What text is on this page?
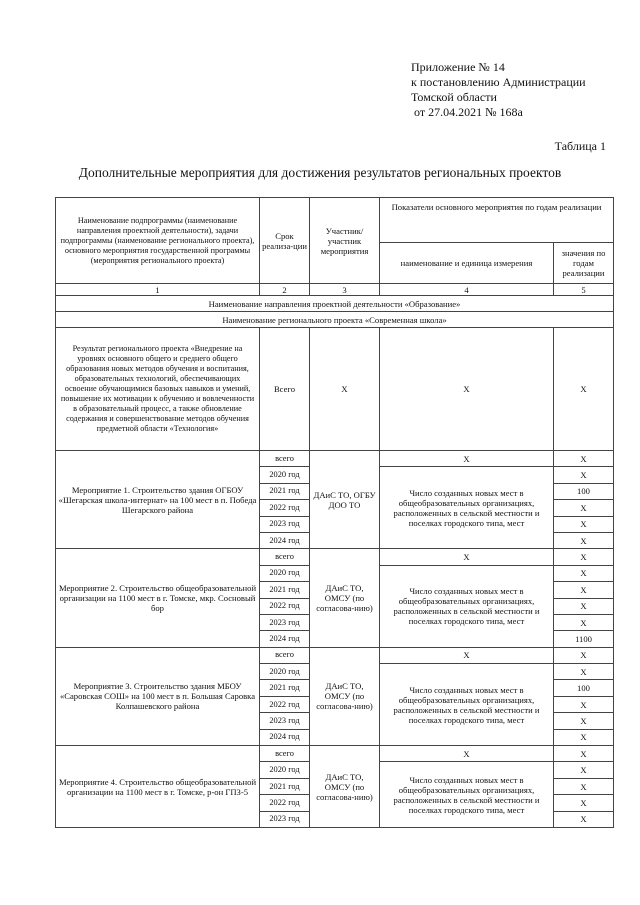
Приложение № 14
к постановлению Администрации
Томской области
от 27.04.2021 № 168а
Таблица 1
Дополнительные мероприятия для достижения результатов региональных проектов
Наименование подпрограммы (наименование направления проектной деятельности), задачи подпрограммы (наименование регионального проекта), основного мероприятия государственной программы (мероприятия регионального проекта)	Срок реализа-ции	Участник/ участник мероприятия	Показатели основного мероприятия по годам реализации	
			наименование и единица измерения	значения по годам реализации
1	2	3	4	5
Наименование направления проектной деятельности «Образование»				
Наименование регионального проекта «Современная школа»				
Результат регионального проекта «Внедрение на уровнях основного общего и среднего общего образования новых методов обучения и воспитания, образовательных технологий, обеспечивающих освоение обучающимися базовых навыков и умений, повышение их мотивации к обучению и вовлеченности в образовательный процесс, а также обновление содержания и совершенствование методов обучения предметной области «Технология»	Всего	Х	Х	Х
Мероприятие 1. Строительство здания ОГБОУ «Шегарская школа-интернат» на 100 мест в п. Победа Шегарского района	всего	ДАиС ТО, ОГБУ ДОО ТО	Х	Х
	2020 год		Число созданных новых мест в общеобразовательных организациях, расположенных в сельской местности и поселках городского типа, мест	Х
	2021 год			100
	2022 год			Х
	2023 год			Х
	2024 год			Х
Мероприятие 2. Строительство общеобразовательной организации на 1100 мест в г. Томске, мкр. Сосновый бор	всего	ДАиС ТО, ОМСУ (по согласова-нию)	Х	Х
	2020 год		Число созданных новых мест в общеобразовательных организациях, расположенных в сельской местности и поселках городского типа, мест	Х
	2021 год			Х
	2022 год			Х
	2023 год			Х
	2024 год			1100
Мероприятие 3. Строительство здания МБОУ «Саровская СОШ» на 100 мест в п. Большая Саровка Колпашевского района	всего	ДАиС ТО, ОМСУ (по согласова-нию)	Х	Х
	2020 год		Число созданных новых мест в общеобразовательных организациях, расположенных в сельской местности и поселках городского типа, мест	Х
	2021 год			100
	2022 год			Х
	2023 год			Х
	2024 год			Х
Мероприятие 4. Строительство общеобразовательной организации на 1100 мест в г. Томске, р-он ГПЗ-5	всего	ДАиС ТО, ОМСУ (по согласова-нию)	Х	Х
	2020 год		Число созданных новых мест в общеобразовательных организациях, расположенных в сельской местности и поселках городского типа, мест	Х
	2021 год			Х
	2022 год			Х
	2023 год			Х
